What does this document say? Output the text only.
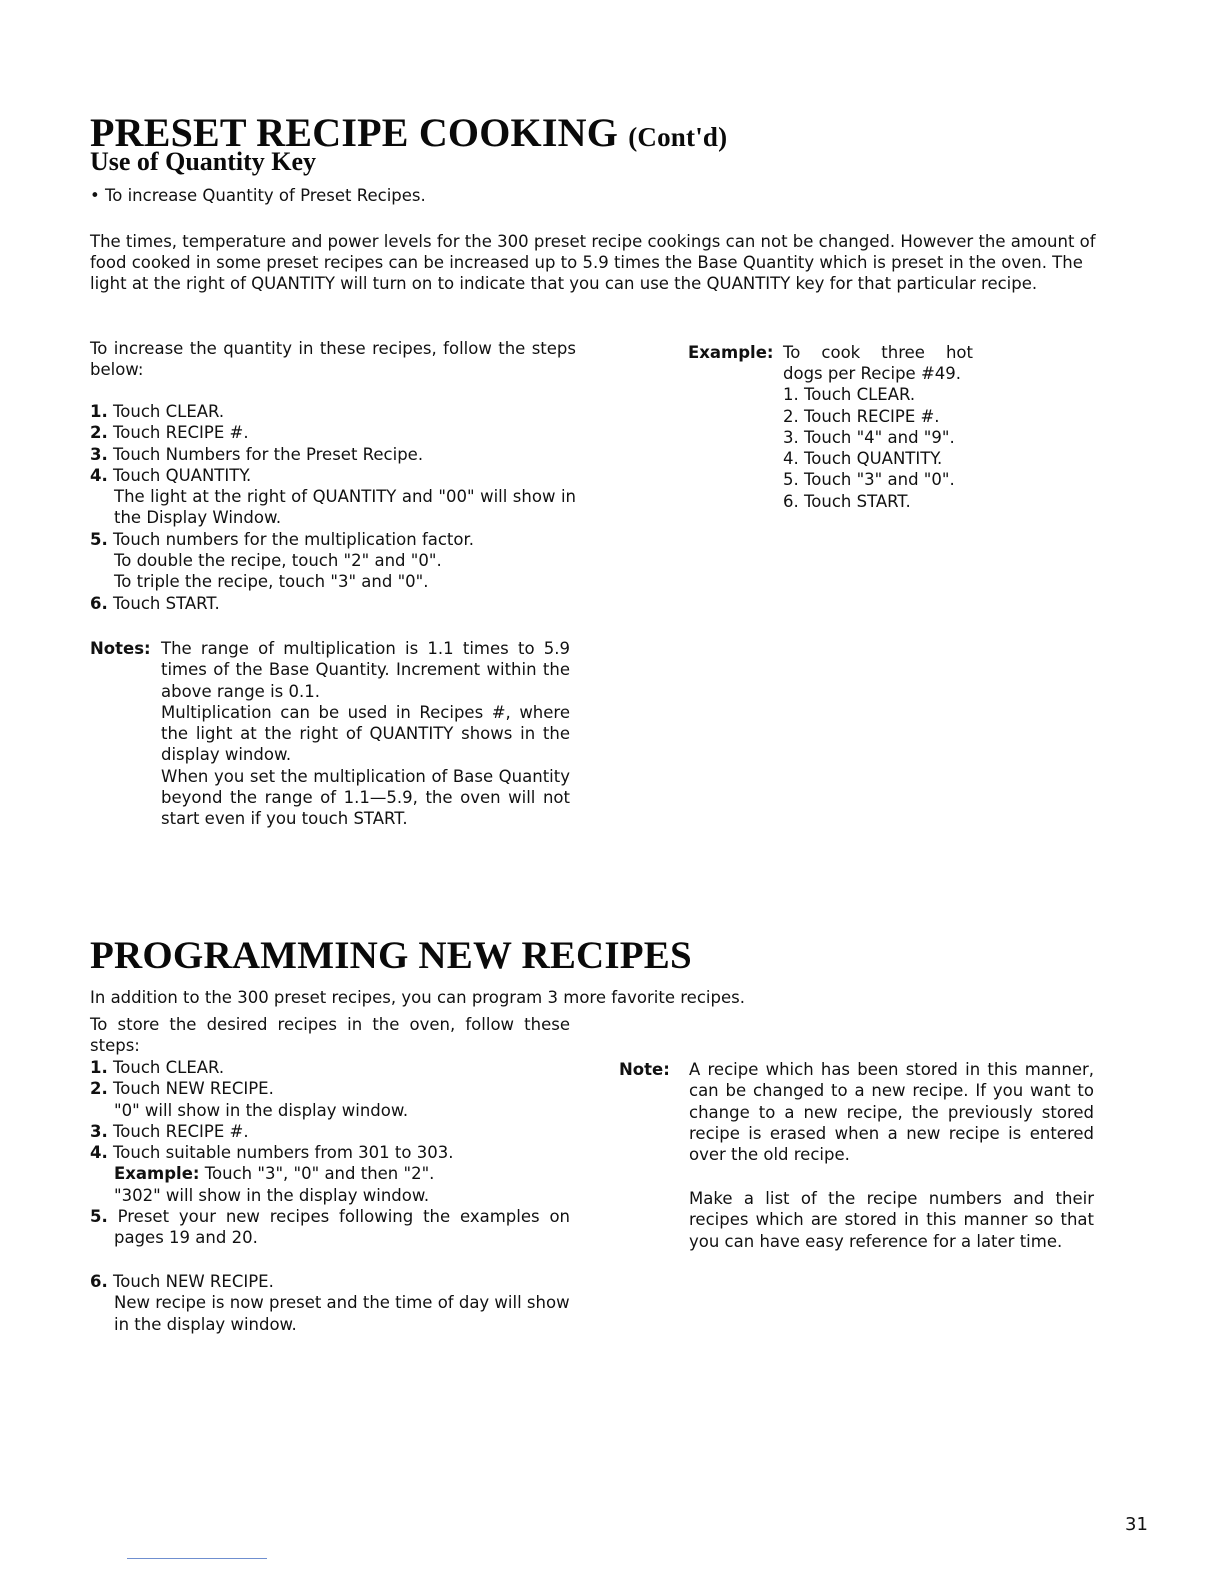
PRESET RECIPE COOKING (Cont'd)
Use of Quantity Key
• To increase Quantity of Preset Recipes.
The times, temperature and power levels for the 300 preset recipe cookings can not be changed. However the amount of
food cooked in some preset recipes can be increased up to 5.9 times the Base Quantity which is preset in the oven. The
light at the right of QUANTITY will turn on to indicate that you can use the QUANTITY key for that particular recipe.
To increase the quantity in these recipes, follow the steps below:
1. Touch CLEAR.
2. Touch RECIPE #.
3. Touch Numbers for the Preset Recipe.
4. Touch QUANTITY.
The light at the right of QUANTITY and "00" will show in the Display Window.
5. Touch numbers for the multiplication factor.
To double the recipe, touch "2" and "0".
To triple the recipe, touch "3" and "0".
6. Touch START.
Notes: The range of multiplication is 1.1 times to 5.9 times of the Base Quantity. Increment within the above range is 0.1.
Multiplication can be used in Recipes #, where the light at the right of QUANTITY shows in the display window.
When you set the multiplication of Base Quantity beyond the range of 1.1—5.9, the oven will not start even if you touch START.
Example: To cook three hot
dogs per Recipe #49.
1. Touch CLEAR.
2. Touch RECIPE #.
3. Touch "4" and "9".
4. Touch QUANTITY.
5. Touch "3" and "0".
6. Touch START.
PROGRAMMING NEW RECIPES
In addition to the 300 preset recipes, you can program 3 more favorite recipes.
To store the desired recipes in the oven, follow these steps:
1. Touch CLEAR.
2. Touch NEW RECIPE.
"0" will show in the display window.
3. Touch RECIPE #.
4. Touch suitable numbers from 301 to 303.
Example: Touch "3", "0" and then "2".
"302" will show in the display window.
5. Preset your new recipes following the examples on pages 19 and 20.
6. Touch NEW RECIPE.
New recipe is now preset and the time of day will show in the display window.
Note: A recipe which has been stored in this manner, can be changed to a new recipe. If you want to change to a new recipe, the previously stored recipe is erased when a new recipe is entered over the old recipe.
Make a list of the recipe numbers and their recipes which are stored in this manner so that you can have easy reference for a later time.
31
